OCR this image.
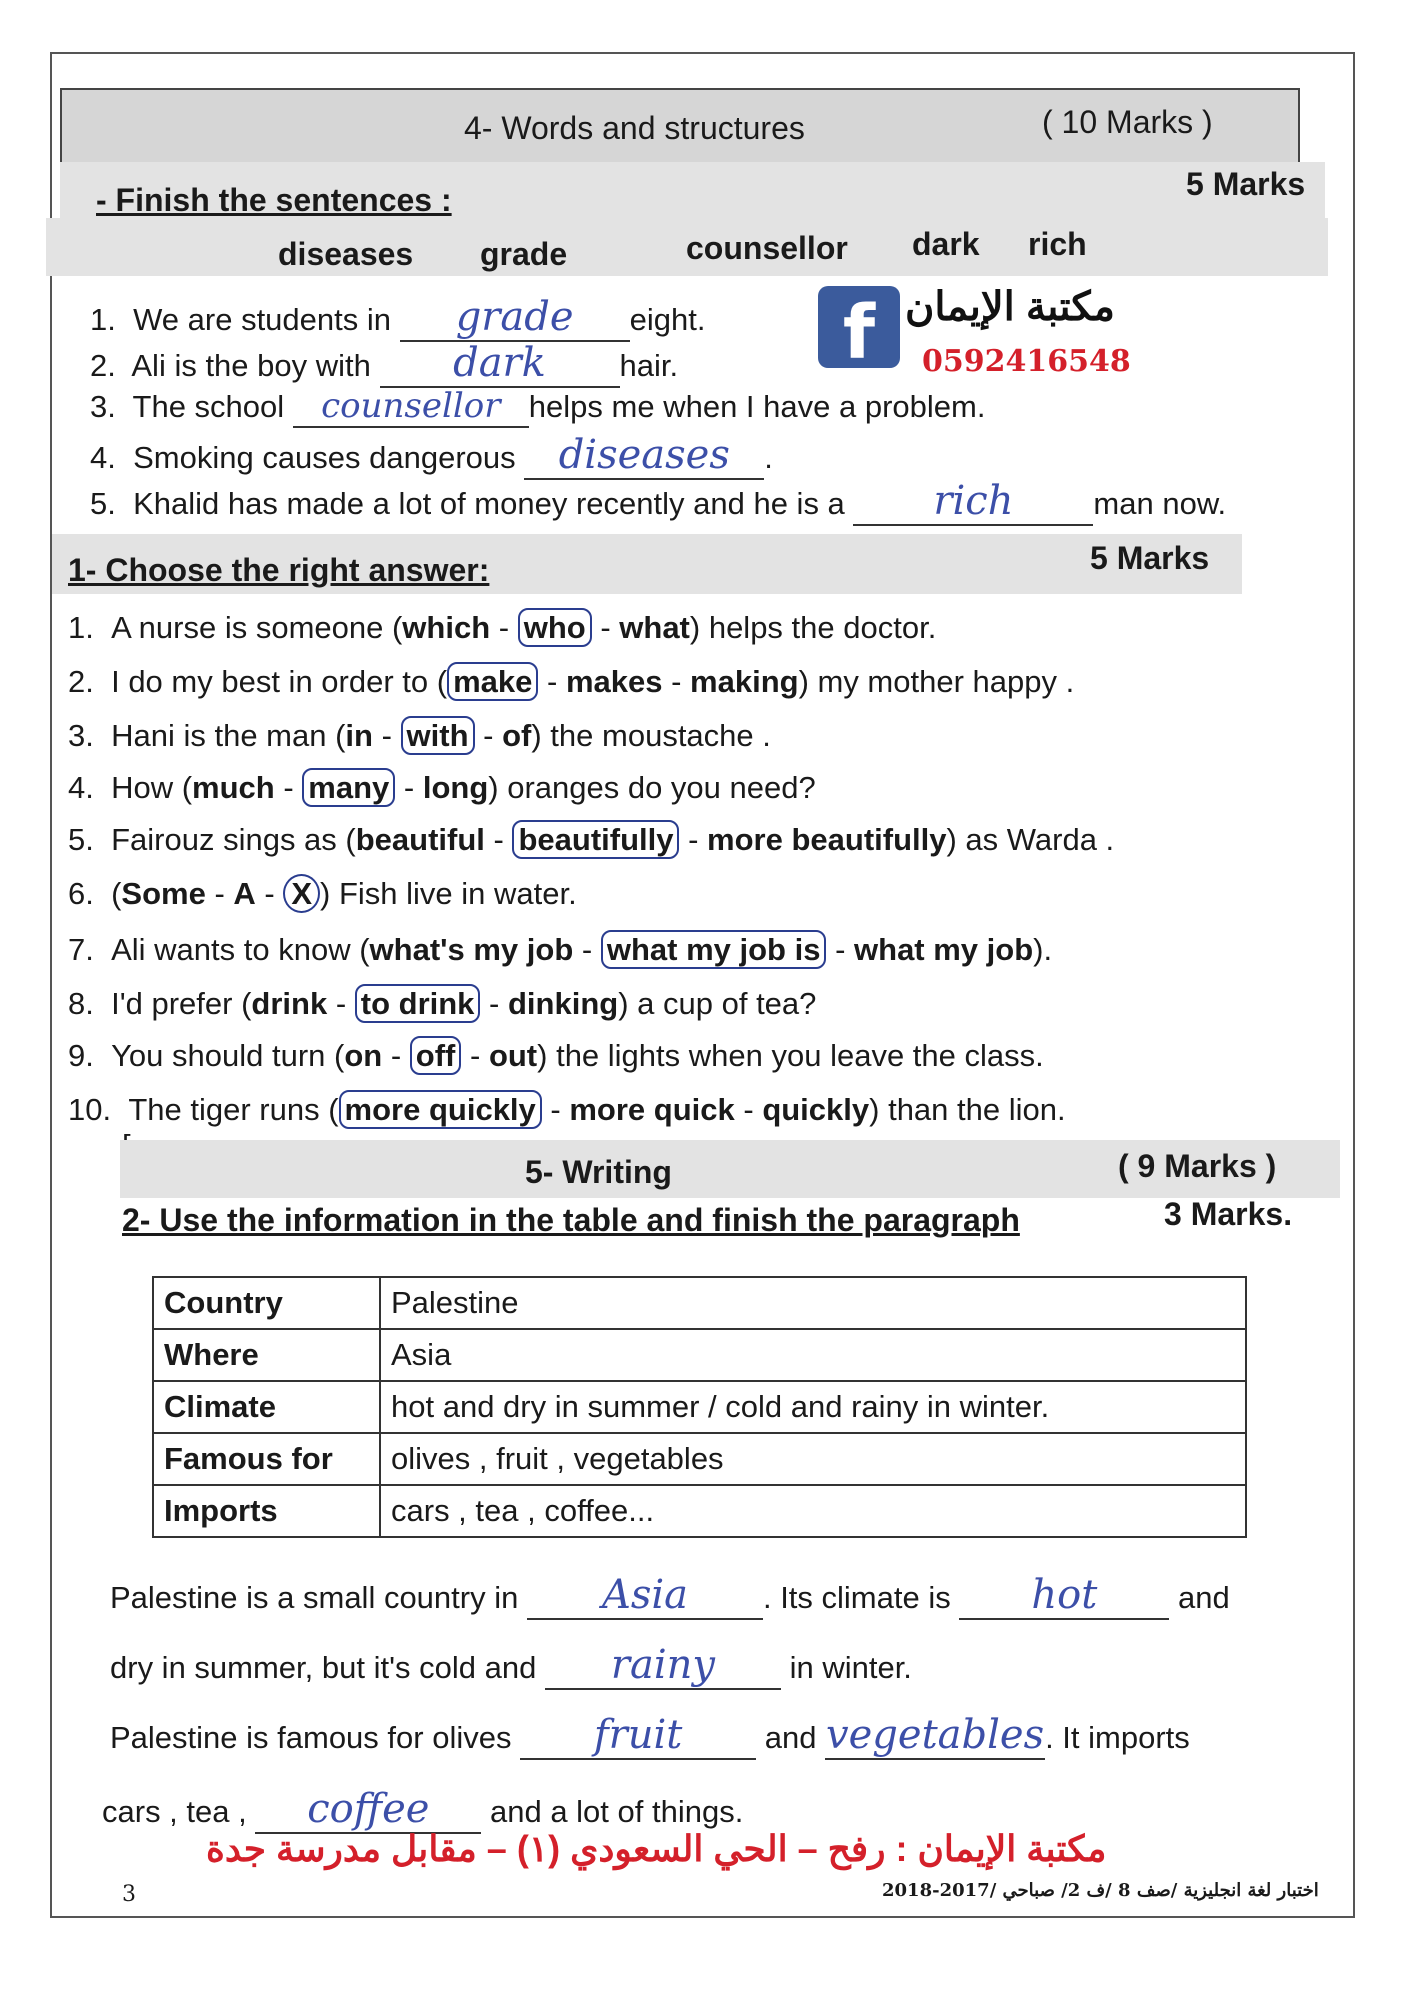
4- Words and structures	( 10 Marks )
- Finish the sentences :	5 Marks
diseases grade	counsellor dark rich
f مكتبة الإيمان
0592416548
1. We are students in grade eight.
2. Ali is the boy with dark hair.
3. The school counsellor helps me when I have a problem.
4. Smoking causes dangerous diseases .
5. Khalid has made a lot of money recently and he is a rich	man now.
1- Choose the right answer:	5 Marks
1. A nurse is someone (which - who - what) helps the doctor.
2. I do my best in order to ( make - makes - making) my mother happy .
3. Hani is the man (in - with - of) the moustache .
4. How (much - many - long) oranges do you need?
5. Fairouz sings as (beautiful - beautifully - more beautifully) as Warda .
6. (Some - A - X ) Fish live in water.
7. Ali wants to know (what's my job - what my job is - what my job).
8. I'd prefer (drink - to drink - dinking) a cup of tea?
9. You should turn (on - off - out) the lights when you leave the class.
10. The tiger runs ( more quickly - more quick - quickly) than the lion.
5- Writing	( 9 Marks )
2- Use the information in the table and finish the paragraph	3 Marks.
Country	Palestine
Where	Asia
Climate	hot and dry in summer / cold and rainy in winter.
Famous for	olives , fruit , vegetables
Imports	cars , tea , coffee...
Palestine is a small country in Asia . Its climate is hot	and
dry in summer, but it's cold and rainy in winter.
Palestine is famous for olives fruit	and vegetables. It imports
cars , tea , coffee and a lot of things.
مكتبة الإيمان : رفح – الحي السعودي (١) – مقابل مدرسة جدة
اختبار لغة انجليزية /صف 8 /ف 2/ صباحي /2017-2018
3
